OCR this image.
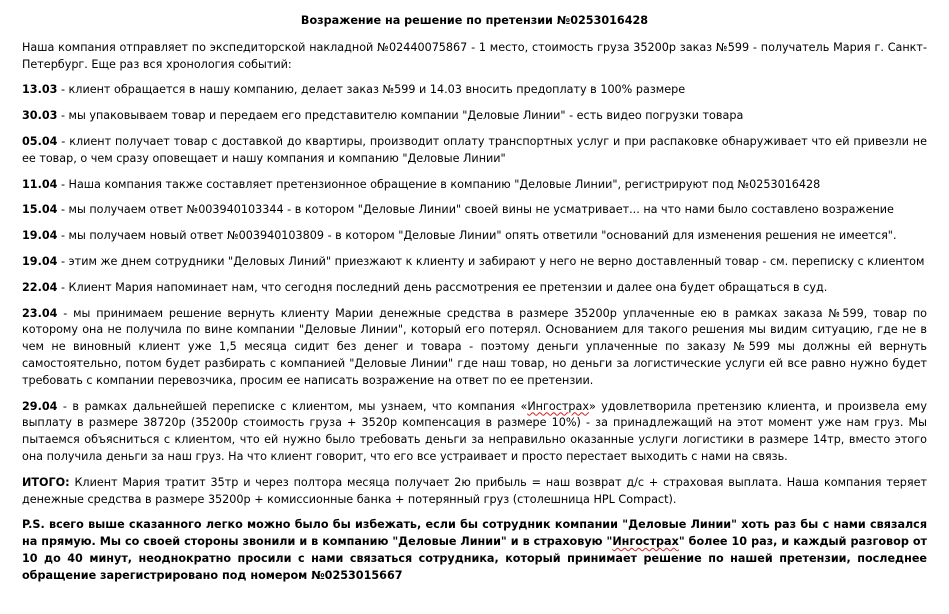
Возражение на решение по претензии №0253016428
Наша компания отправляет по экспедиторской накладной №02440075867 - 1 место, стоимость груза 35200р заказ №599 - получатель Мария г. Санкт-Петербург. Еще раз вся хронология событий:
13.03 - клиент обращается в нашу компанию, делает заказ №599 и 14.03 вносить предоплату в 100% размере
30.03 - мы упаковываем товар и передаем его представителю компании "Деловые Линии" - есть видео погрузки товара
05.04 - клиент получает товар с доставкой до квартиры, производит оплату транспортных услуг и при распаковке обнаруживает что ей привезли не ее товар, о чем сразу оповещает и нашу компания и компанию "Деловые Линии"
11.04 - Наша компания также составляет претензионное обращение в компанию "Деловые Линии", регистрируют под №0253016428
15.04 - мы получаем ответ №003940103344 - в котором "Деловые Линии" своей вины не усматривает... на что нами было составлено возражение
19.04 - мы получаем новый ответ №003940103809 - в котором "Деловые Линии" опять ответили "оснований для изменения решения не имеется".
19.04 - этим же днем сотрудники "Деловых Линий" приезжают к клиенту и забирают у него не верно доставленный товар - см. переписку с клиентом
22.04 - Клиент Мария напоминает нам, что сегодня последний день рассмотрения ее претензии и далее она будет обращаться в суд.
23.04 - мы принимаем решение вернуть клиенту Марии денежные средства в размере 35200р уплаченные ею в рамках заказа №599, товар по которому она не получила по вине компании "Деловые Линии", который его потерял. Основанием для такого решения мы видим ситуацию, где не в чем не виновный клиент уже 1,5 месяца сидит без денег и товара - поэтому деньги уплаченные по заказу №599 мы должны ей вернуть самостоятельно, потом будет разбирать с компанией "Деловые Линии" где наш товар, но деньги за логистические услуги ей все равно нужно будет требовать с компании перевозчика, просим ее написать возражение на ответ по ее претензии.
29.04 - в рамках дальнейшей переписке с клиентом, мы узнаем, что компания «Ингострах» удовлетворила претензию клиента, и произвела ему выплату в размере 38720р (35200р стоимость груза + 3520р компенсация в размере 10%) - за принадлежащий на этот момент уже нам груз. Мы пытаемся объясниться с клиентом, что ей нужно было требовать деньги за неправильно оказанные услуги логистики в размере 14тр, вместо этого она получила деньги за наш груз. На что клиент говорит, что его все устраивает и просто перестает выходить с нами на связь.
ИТОГО: Клиент Мария тратит 35тр и через полтора месяца получает 2ю прибыль = наш возврат д/с + страховая выплата. Наша компания теряет денежные средства в размере 35200р + комиссионные банка + потерянный груз (столешница HPL Compact).
P.S. всего выше сказанного легко можно было бы избежать, если бы сотрудник компании "Деловые Линии" хоть раз бы с нами связался на прямую. Мы со своей стороны звонили и в компанию "Деловые Линии" и в страховую "Ингострах" более 10 раз, и каждый разговор от 10 до 40 минут, неоднократно просили с нами связаться сотрудника, который принимает решение по нашей претензии, последнее обращение зарегистрировано под номером №0253015667
